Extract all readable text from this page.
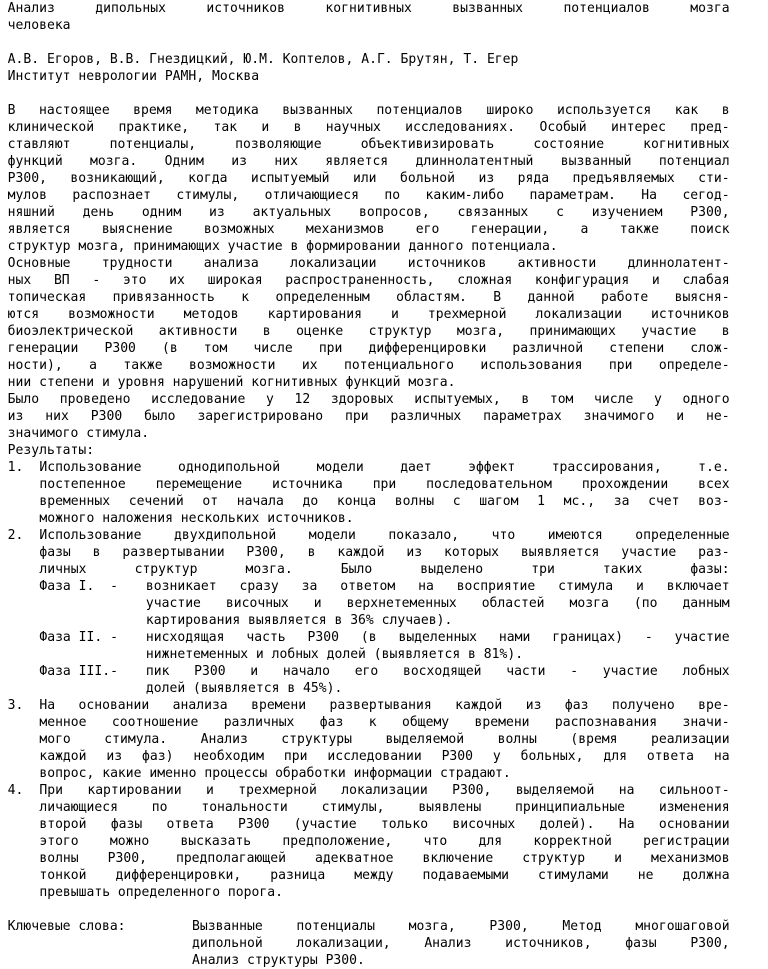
Анализ дипольных источников когнитивных вызванных потенциалов мозга
человека
А.В. Егоров, В.В. Гнездицкий, Ю.М. Коптелов, А.Г. Брутян, Т. Егер
Институт неврологии РАМН, Москва
В настоящее время методика вызванных потенциалов широко используется как в
клинической практике, так и в научных исследованиях. Особый интерес пред-
ставляют потенциалы, позволяющие объективизировать состояние когнитивных
функций мозга. Одним из них является длиннолатентный вызванный потенциал
Р300, возникающий, когда испытуемый или больной из ряда предъявляемых сти-
мулов распознает стимулы, отличающиеся по каким-либо параметрам. На сегод-
няшний день одним из актуальных вопросов, связанных с изучением Р300,
является выяснение возможных механизмов его генерации, а также поиск
структур мозга, принимающих участие в формировании данного потенциала.
Основные трудности анализа локализации источников активности длиннолатент-
ных ВП - это их широкая распространенность, сложная конфигурация и слабая
топическая привязанность к определенным областям. В данной работе выясня-
ются возможности методов картирования и трехмерной локализации источников
биоэлектрической активности в оценке структур мозга, принимающих участие в
генерации Р300 (в том числе при дифференцировки различной степени слож-
ности), а также возможности их потенциального использования при определе-
нии степени и уровня нарушений когнитивных функций мозга.
Было проведено исследование у 12 здоровых испытуемых, в том числе у одного
из них Р300 было зарегистрировано при различных параметрах значимого и не-
значимого стимула.
Результаты:
1.	Использование однодипольной модели дает эффект трассирования, т.е.
постепенное перемещение источника при последовательном прохождении всех
временных сечений от начала до конца волны с шагом 1 мс., за счет воз-
можного наложения нескольких источников.
2.	Использование двухдипольной модели показало, что имеются определенные
фазы в развертывании Р300, в каждой из которых выявляется участие раз-
личных структур мозга. Было выделено три таких фазы:
Фаза I.  -	возникает сразу за ответом на восприятие стимула и включает
участие височных и верхнетеменных областей мозга (по данным
картирования выявляется в 36% случаев).
Фаза II. -	нисходящая часть Р300 (в выделенных нами границах) - участие
нижнетеменных и лобных долей (выявляется в 81%).
Фаза III.-	пик Р300 и начало его восходящей части - участие лобных
долей (выявляется в 45%).
3.	На основании анализа времени развертывания каждой из фаз получено вре-
менное соотношение различных фаз к общему времени распознавания значи-
мого стимула. Анализ структуры выделяемой волны (время реализации
каждой из фаз) необходим при исследовании Р300 у больных, для ответа на
вопрос, какие именно процессы обработки информации страдают.
4.	При картировании и трехмерной локализации Р300, выделяемой на сильноот-
личающиеся по тональности стимулы, выявлены принципиальные изменения
второй фазы ответа Р300 (участие только височных долей). На основании
этого можно высказать предположение, что для корректной регистрации
волны Р300, предполагающей адекватное включение структур и механизмов
тонкой дифференцировки, разница между подаваемыми стимулами не должна
превышать определенного порога.
Ключевые слова:	Вызванные потенциалы мозга, Р300, Метод многошаговой
дипольной локализации, Анализ источников, фазы Р300,
Анализ структуры Р300.
